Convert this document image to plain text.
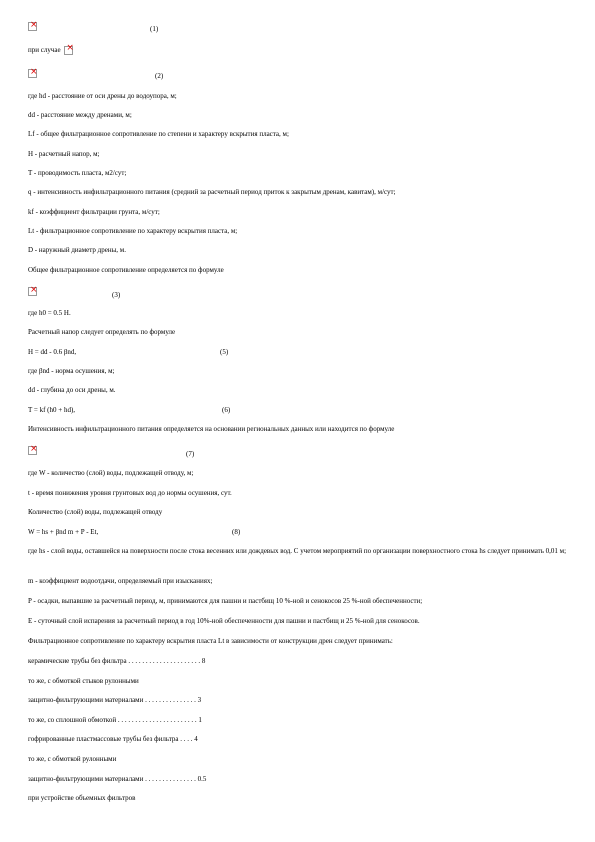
×
(1)
при случае ×
×
(2)
где hd - расстояние от оси дрены до водоупора, м;
dd - расстояние между дренами, м;
Lf - общее фильтрационное сопротивление по степени и характеру вскрытия пласта, м;
H - расчетный напор, м;
T - проводимость пласта, м2/сут;
q - интенсивность инфильтрационного питания (средний за расчетный период приток к закрытым дренам, кавитам), м/сут;
kf - коэффициент фильтрации грунта, м/сут;
Lt - фильтрационное сопротивление по характеру вскрытия пласта, м;
D - наружный диаметр дрены, м.
Общее фильтрационное сопротивление определяется по формуле
×
(3)
где h0 = 0.5 H.
Расчетный напор следует определять по формуле
H = dd - 0.6 βnd,	(5)
где βnd - норма осушения, м;
dd - глубина до оси дрены, м.
T = kf (h0 + hd),	(6)
Интенсивность инфильтрационного питания определяется на основании региональных данных или находится по формуле
×
(7)
где W - количество (слой) воды, подлежащей отводу, м;
t - время понижения уровня грунтовых вод до нормы осушения, сут.
Количество (слой) воды, подлежащей отводу
W = hs + βnd m + P - Et,	(8)
где hs - слой воды, оставшейся на поверхности после стока весенних или дождевых вод. С учетом мероприятий по организации поверхностного стока hs следует принимать 0,01 м;
m - коэффициент водоотдачи, определяемый при изысканиях;
P - осадки, выпавшие за расчетный период, м, принимаются для пашни и пастбищ 10 %-ной и сенокосов 25 %-ной обеспеченности;
E - суточный слой испарения за расчетный период в год 10%-ной обеспеченности для пашни и пастбищ и 25 %-ной для сенокосов.
Фильтрационное сопротивление по характеру вскрытия пласта Lt в зависимости от конструкции дрен следует принимать:
керамические трубы без фильтра . . . . . . . . . . . . . . . . . . . . . 8
то же, с обмоткой стыков рулонными
защитно-фильтрующими материалами . . . . . . . . . . . . . . . 3
то же, со сплошной обмоткой . . . . . . . . . . . . . . . . . . . . . . . 1
гофрированные пластмассовые трубы без фильтра . . . . 4
то же, с обмоткой рулонными
защитно-фильтрующими материалами . . . . . . . . . . . . . . . 0.5
при устройстве объемных фильтров
